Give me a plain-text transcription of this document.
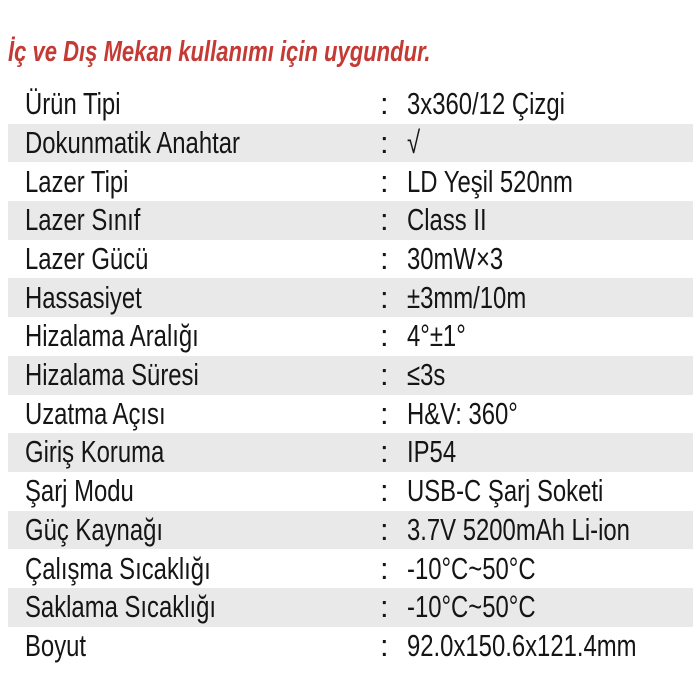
İç ve Dış Mekan kullanımı için uygundur.
Ürün Tipi	: 3x360/12 Çizgi
Dokunmatik Anahtar	: √
Lazer Tipi	: LD Yeşil 520nm
Lazer Sınıf	: Class II
Lazer Gücü	: 30mW×3
Hassasiyet	: ±3mm/10m
Hizalama Aralığı	: 4°±1°
Hizalama Süresi	: ≤3s
Uzatma Açısı	: H&V: 360°
Giriş Koruma	: IP54
Şarj Modu	: USB-C Şarj Soketi
Güç Kaynağı	: 3.7V 5200mAh Li-ion
Çalışma Sıcaklığı	: -10°C~50°C
Saklama Sıcaklığı	: -10°C~50°C
Boyut	: 92.0x150.6x121.4mm
